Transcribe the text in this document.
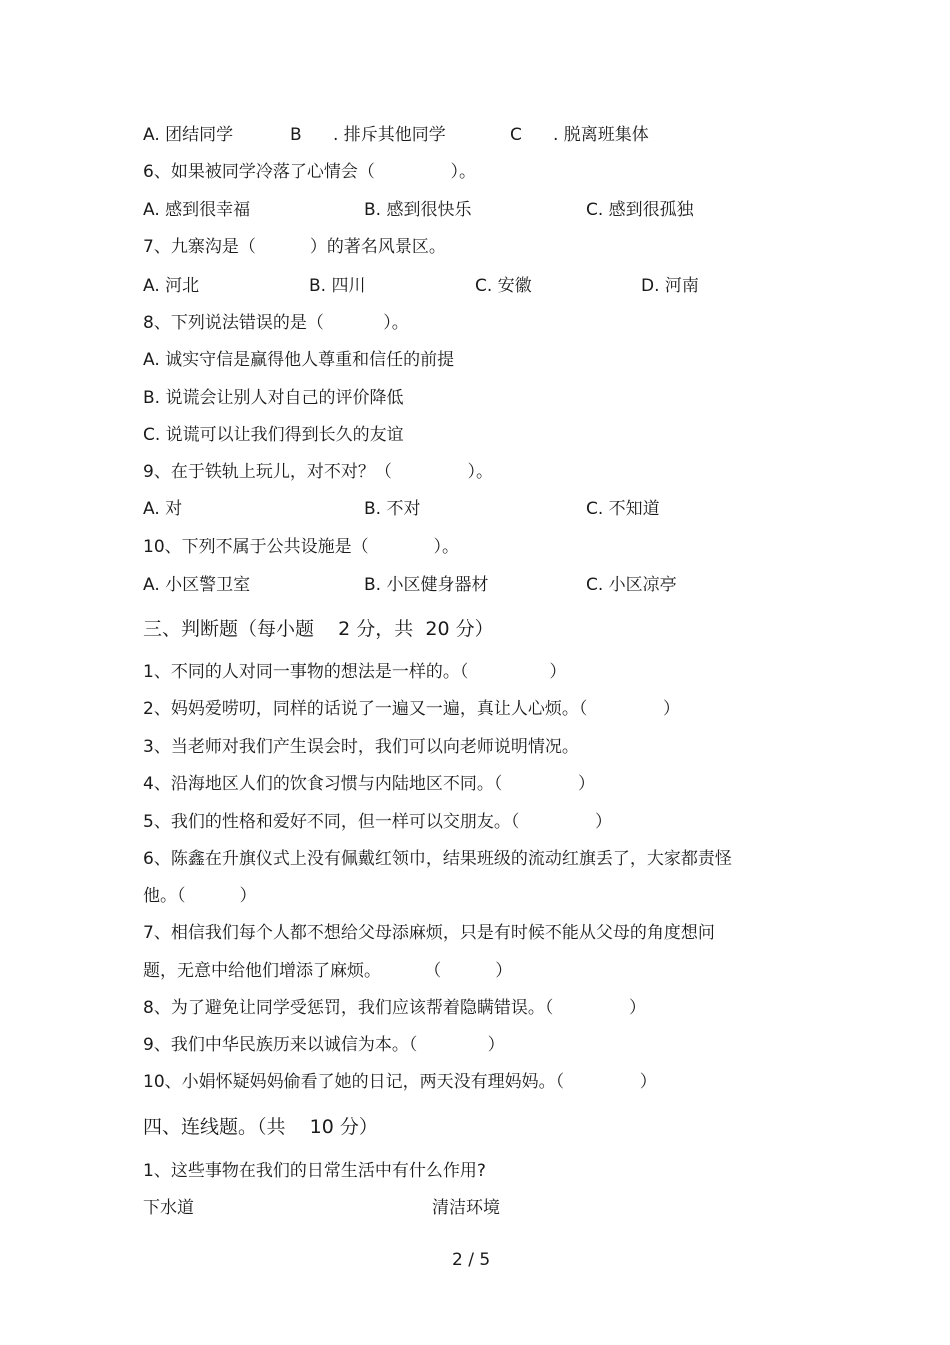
A. 团结同学	B . 排斥其他同学	C . 脱离班集体
6、如果被同学冷落了心情会（              ）。
A. 感到很幸福	B. 感到很快乐	C. 感到很孤独
7、九寨沟是（          ）的著名风景区。
A. 河北	B. 四川	C. 安徽	D. 河南
8、下列说法错误的是（           ）。
A. 诚实守信是赢得他人尊重和信任的前提
B. 说谎会让别人对自己的评价降低
C. 说谎可以让我们得到长久的友谊
9、在于铁轨上玩儿，对不对？（              ）。
A. 对	B. 不对	C. 不知道
10、下列不属于公共设施是（            ）。
A. 小区警卫室	B. 小区健身器材	C. 小区凉亭
三、判断题（每小题    2 分，共  20 分）
1、不同的人对同一事物的想法是一样的。（               ）
2、妈妈爱唠叨，同样的话说了一遍又一遍，真让人心烦。（              ）
3、当老师对我们产生误会时，我们可以向老师说明情况。
4、沿海地区人们的饮食习惯与内陆地区不同。（              ）
5、我们的性格和爱好不同，但一样可以交朋友。（              ）
6、陈鑫在升旗仪式上没有佩戴红领巾，结果班级的流动红旗丢了，大家都责怪
他。（          ）
7、相信我们每个人都不想给父母添麻烦，只是有时候不能从父母的角度想问
题，无意中给他们增添了麻烦。        （          ）
8、为了避免让同学受惩罚，我们应该帮着隐瞒错误。（              ）
9、我们中华民族历来以诚信为本。（             ）
10、小娟怀疑妈妈偷看了她的日记，两天没有理妈妈。（              ）
四、连线题。（共    10 分）
1、这些事物在我们的日常生活中有什么作用?
下水道	清洁环境
2 / 5
